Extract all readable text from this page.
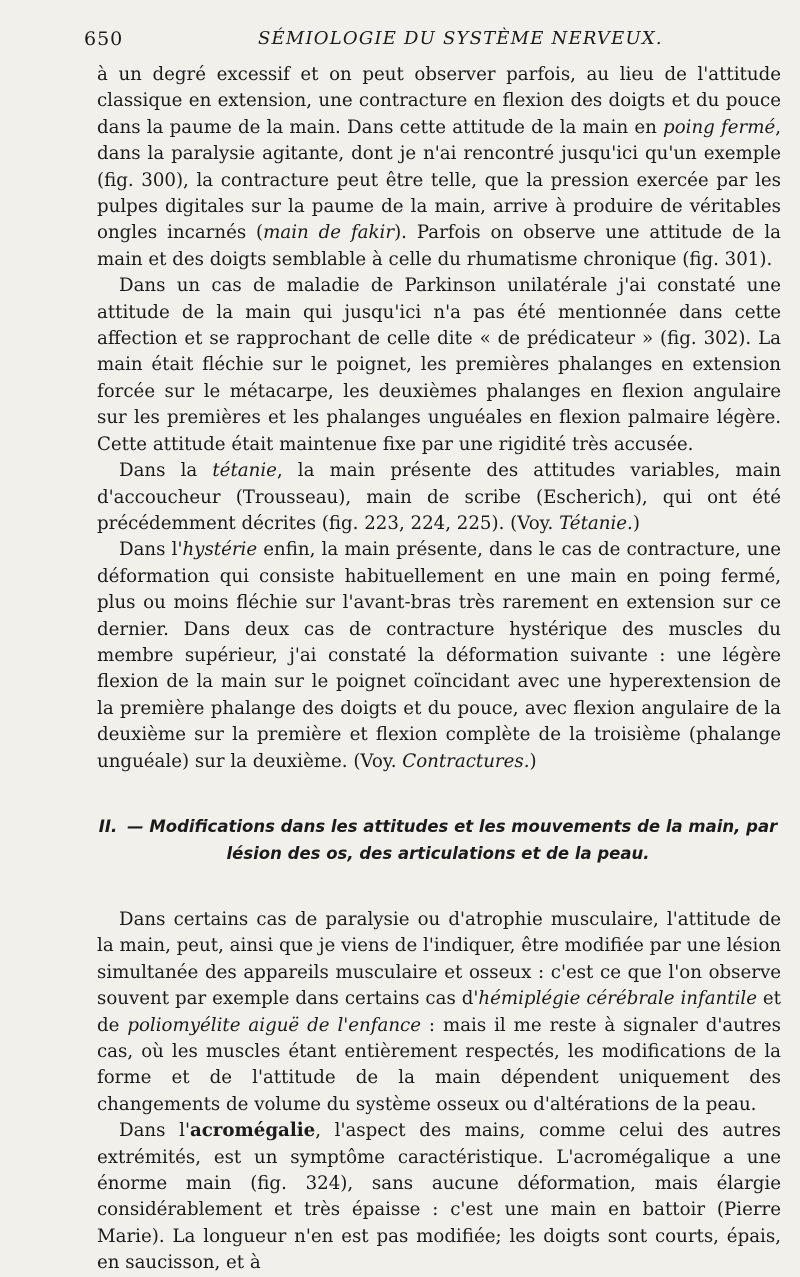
650	SÉMIOLOGIE DU SYSTÈME NERVEUX.

à un degré excessif et on peut observer parfois, au lieu de l'attitude classique en extension, une contracture en flexion des doigts et du pouce dans la paume de la main. Dans cette attitude de la main en poing fermé, dans la paralysie agitante, dont je n'ai rencontré jusqu'ici qu'un exemple (fig. 300), la contracture peut être telle, que la pression exercée par les pulpes digitales sur la paume de la main, arrive à produire de véritables ongles incarnés (main de fakir). Parfois on observe une attitude de la main et des doigts semblable à celle du rhumatisme chronique (fig. 301).

Dans un cas de maladie de Parkinson unilatérale j'ai constaté une attitude de la main qui jusqu'ici n'a pas été mentionnée dans cette affection et se rapprochant de celle dite « de prédicateur » (fig. 302). La main était fléchie sur le poignet, les premières phalanges en extension forcée sur le métacarpe, les deuxièmes phalanges en flexion angulaire sur les premières et les phalanges unguéales en flexion palmaire légère. Cette attitude était maintenue fixe par une rigidité très accusée.

Dans la tétanie, la main présente des attitudes variables, main d'accoucheur (Trousseau), main de scribe (Escherich), qui ont été précédemment décrites (fig. 223, 224, 225). (Voy. Tétanie.)

Dans l'hystérie enfin, la main présente, dans le cas de contracture, une déformation qui consiste habituellement en une main en poing fermé, plus ou moins fléchie sur l'avant-bras très rarement en extension sur ce dernier. Dans deux cas de contracture hystérique des muscles du membre supérieur, j'ai constaté la déformation suivante : une légère flexion de la main sur le poignet coïncidant avec une hyperextension de la première phalange des doigts et du pouce, avec flexion angulaire de la deuxième sur la première et flexion complète de la troisième (phalange unguéale) sur la deuxième. (Voy. Contractures.)

II. — Modifications dans les attitudes et les mouvements de la main, par lésion des os, des articulations et de la peau.

Dans certains cas de paralysie ou d'atrophie musculaire, l'attitude de la main, peut, ainsi que je viens de l'indiquer, être modifiée par une lésion simultanée des appareils musculaire et osseux : c'est ce que l'on observe souvent par exemple dans certains cas d'hémiplégie cérébrale infantile et de poliomyélite aiguë de l'enfance : mais il me reste à signaler d'autres cas, où les muscles étant entièrement respectés, les modifications de la forme et de l'attitude de la main dépendent uniquement des changements de volume du système osseux ou d'altérations de la peau.

Dans l'acromégalie, l'aspect des mains, comme celui des autres extrémités, est un symptôme caractéristique. L'acromégalique a une énorme main (fig. 324), sans aucune déformation, mais élargie considérablement et très épaisse : c'est une main en battoir (Pierre Marie). La longueur n'en est pas modifiée; les doigts sont courts, épais, en saucisson, et à
